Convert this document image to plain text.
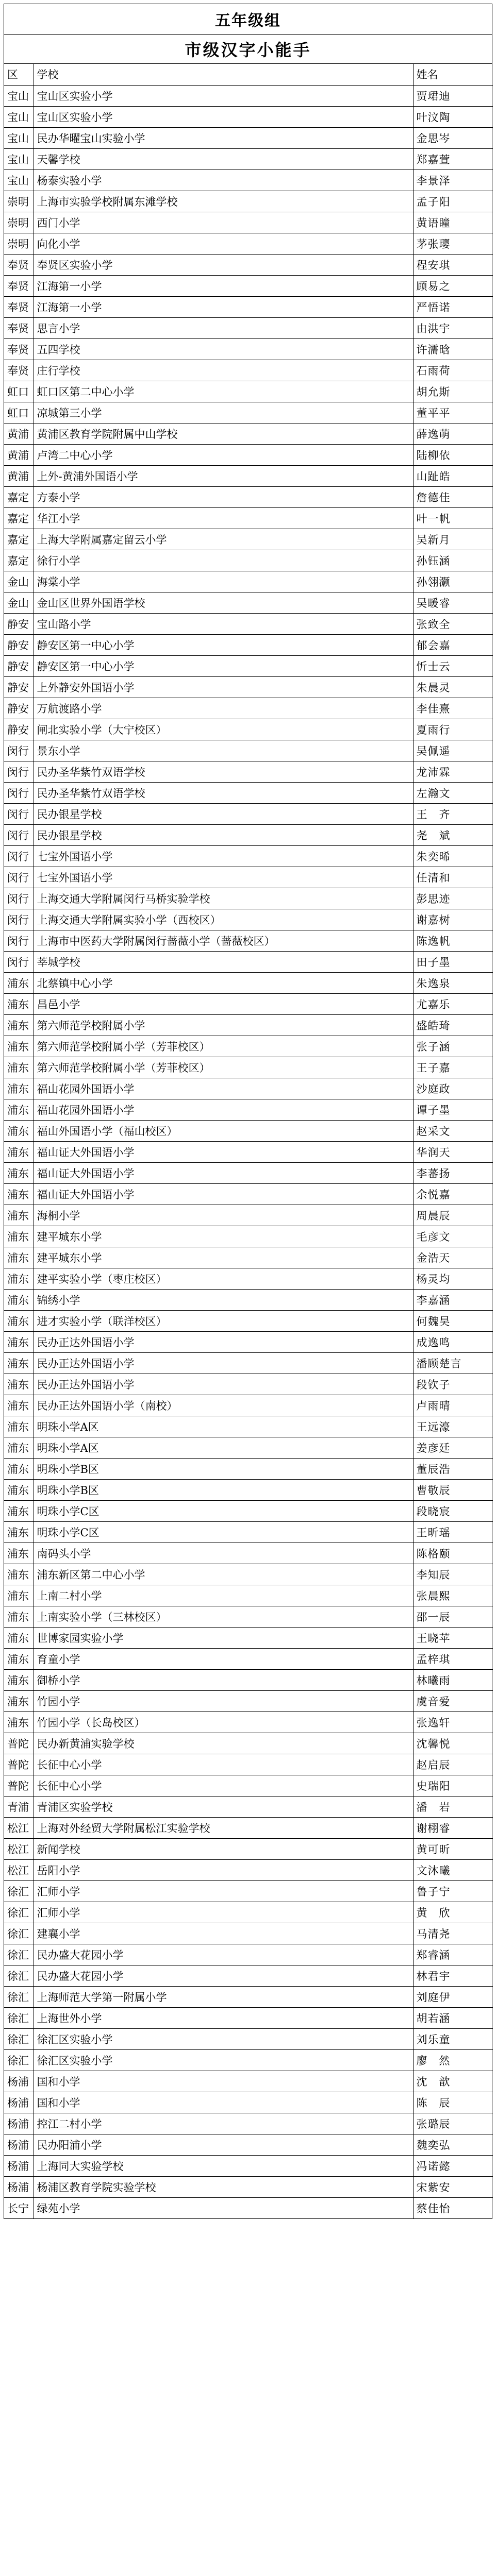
五年级组
市级汉字小能手
区	学校	姓名
宝山	宝山区实验小学	贾珺迪
宝山	宝山区实验小学	叶汶陶
宝山	民办华曜宝山实验小学	金思岑
宝山	天馨学校	郑嘉萱
宝山	杨泰实验小学	李景泽
崇明	上海市实验学校附属东滩学校	孟子阳
崇明	西门小学	黄语瞳
崇明	向化小学	茅张璎
奉贤	奉贤区实验小学	程安琪
奉贤	江海第一小学	顾易之
奉贤	江海第一小学	严悟诺
奉贤	思言小学	由洪宇
奉贤	五四学校	许濡晗
奉贤	庄行学校	石雨荷
虹口	虹口区第二中心小学	胡允斯
虹口	凉城第三小学	董平平
黄浦	黄浦区教育学院附属中山学校	薛逸萌
黄浦	卢湾二中心小学	陆柳依
黄浦	上外-黄浦外国语小学	山趾皓
嘉定	方泰小学	詹德佳
嘉定	华江小学	叶一帆
嘉定	上海大学附属嘉定留云小学	吴新月
嘉定	徐行小学	孙钰涵
金山	海棠小学	孙翎灏
金山	金山区世界外国语学校	吴暖睿
静安	宝山路小学	张致全
静安	静安区第一中心小学	郁会嘉
静安	静安区第一中心小学	忻士云
静安	上外静安外国语小学	朱晨灵
静安	万航渡路小学	李佳熹
静安	闸北实验小学（大宁校区）	夏雨行
闵行	景东小学	吴佩遥
闵行	民办圣华紫竹双语学校	龙沛霖
闵行	民办圣华紫竹双语学校	左瀚文
闵行	民办银星学校	王　齐
闵行	民办银星学校	尧　斌
闵行	七宝外国语小学	朱奕晞
闵行	七宝外国语小学	任清和
闵行	上海交通大学附属闵行马桥实验学校	彭思迹
闵行	上海交通大学附属实验小学（西校区）	谢嘉树
闵行	上海市中医药大学附属闵行蔷薇小学（蔷薇校区）	陈逸帆
闵行	莘城学校	田子墨
浦东	北蔡镇中心小学	朱逸泉
浦东	昌邑小学	尤嘉乐
浦东	第六师范学校附属小学	盛皓琦
浦东	第六师范学校附属小学（芳菲校区）	张子涵
浦东	第六师范学校附属小学（芳菲校区）	王子嘉
浦东	福山花园外国语小学	沙庭政
浦东	福山花园外国语小学	谭子墨
浦东	福山外国语小学（福山校区）	赵采文
浦东	福山证大外国语小学	华润天
浦东	福山证大外国语小学	李蕃扬
浦东	福山证大外国语小学	余悦嘉
浦东	海桐小学	周晨辰
浦东	建平城东小学	毛彦文
浦东	建平城东小学	金浩天
浦东	建平实验小学（枣庄校区）	杨灵均
浦东	锦绣小学	李嘉涵
浦东	进才实验小学（联洋校区）	何魏昊
浦东	民办正达外国语小学	成逸鸣
浦东	民办正达外国语小学	潘顾楚言
浦东	民办正达外国语小学	段钦子
浦东	民办正达外国语小学（南校）	卢雨晴
浦东	明珠小学A区	王远濠
浦东	明珠小学A区	姜彦廷
浦东	明珠小学B区	董辰浩
浦东	明珠小学B区	曹敬辰
浦东	明珠小学C区	段晓宸
浦东	明珠小学C区	王昕瑶
浦东	南码头小学	陈格颐
浦东	浦东新区第二中心小学	李知辰
浦东	上南二村小学	张晨熙
浦东	上南实验小学（三林校区）	邵一辰
浦东	世博家园实验小学	王晓苹
浦东	育童小学	孟梓琪
浦东	御桥小学	林曦雨
浦东	竹园小学	虞音爱
浦东	竹园小学（长岛校区）	张逸轩
普陀	民办新黄浦实验学校	沈馨悦
普陀	长征中心小学	赵启辰
普陀	长征中心小学	史瑞阳
青浦	青浦区实验学校	潘　岩
松江	上海对外经贸大学附属松江实验学校	谢栩睿
松江	新闻学校	黄可昕
松江	岳阳小学	文沐曦
徐汇	汇师小学	鲁子宁
徐汇	汇师小学	黄　欣
徐汇	建襄小学	马清尧
徐汇	民办盛大花园小学	郑睿涵
徐汇	民办盛大花园小学	林君宇
徐汇	上海师范大学第一附属小学	刘庭伊
徐汇	上海世外小学	胡若涵
徐汇	徐汇区实验小学	刘乐童
徐汇	徐汇区实验小学	廖　然
杨浦	国和小学	沈　歆
杨浦	国和小学	陈　辰
杨浦	控江二村小学	张璐辰
杨浦	民办阳浦小学	魏奕弘
杨浦	上海同大实验学校	冯诺懿
杨浦	杨浦区教育学院实验学校	宋紫安
长宁	绿苑小学	蔡佳怡
